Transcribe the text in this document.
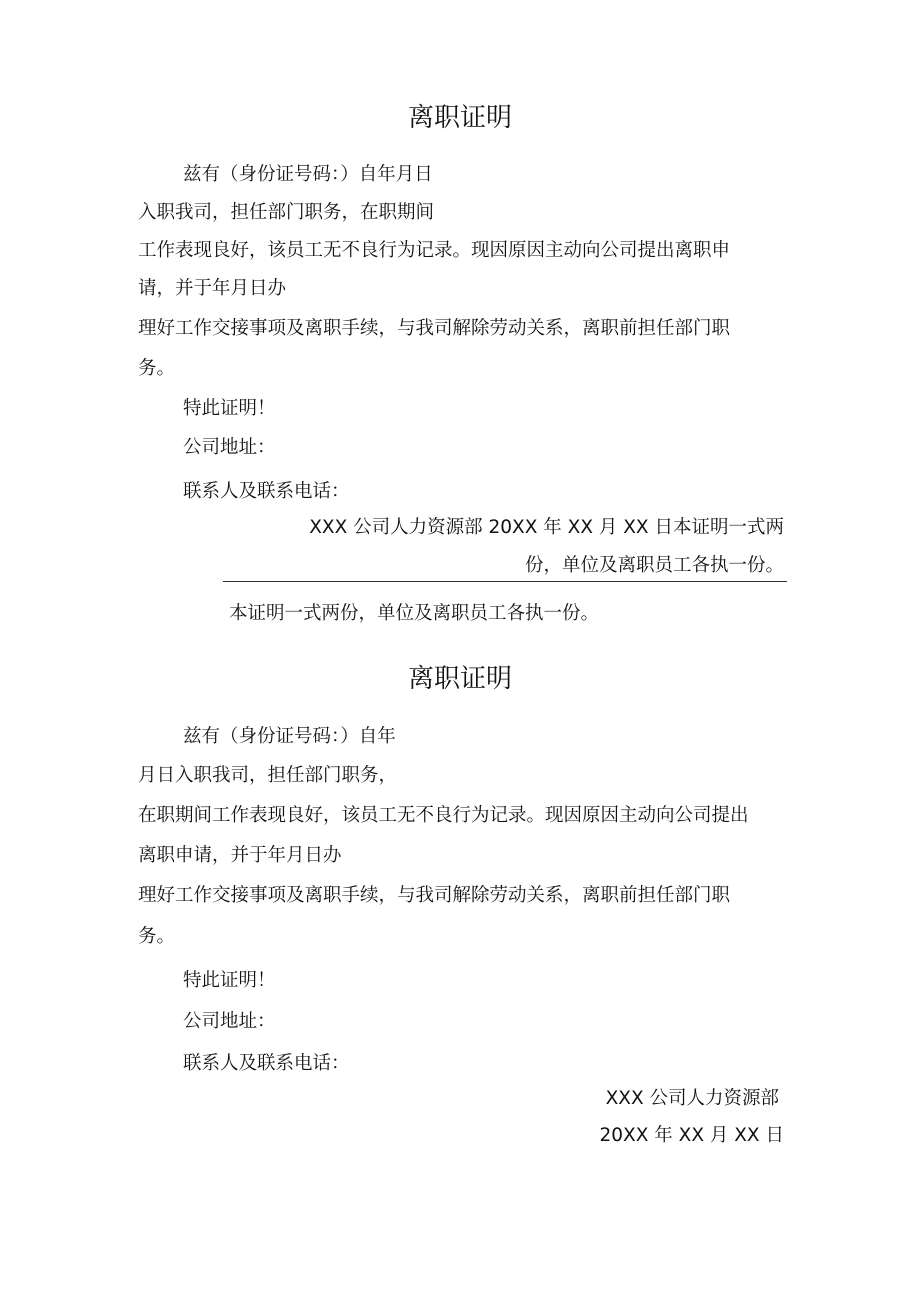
离职证明

兹有（身份证号码：）自年月日

入职我司，担任部门职务，在职期间

工作表现良好，该员工无不良行为记录。现因原因主动向公司提出离职申

请，并于年月日办

理好工作交接事项及离职手续，与我司解除劳动关系，离职前担任部门职

务。

特此证明！

公司地址：

联系人及联系电话：

XXX 公司人力资源部 20XX 年 XX 月 XX 日本证明一式两

份，单位及离职员工各执一份。

本证明一式两份，单位及离职员工各执一份。

离职证明

兹有（身份证号码：）自年

月日入职我司，担任部门职务，

在职期间工作表现良好，该员工无不良行为记录。现因原因主动向公司提出

离职申请，并于年月日办

理好工作交接事项及离职手续，与我司解除劳动关系，离职前担任部门职

务。

特此证明！

公司地址：

联系人及联系电话：

XXX 公司人力资源部

20XX 年 XX 月 XX 日
